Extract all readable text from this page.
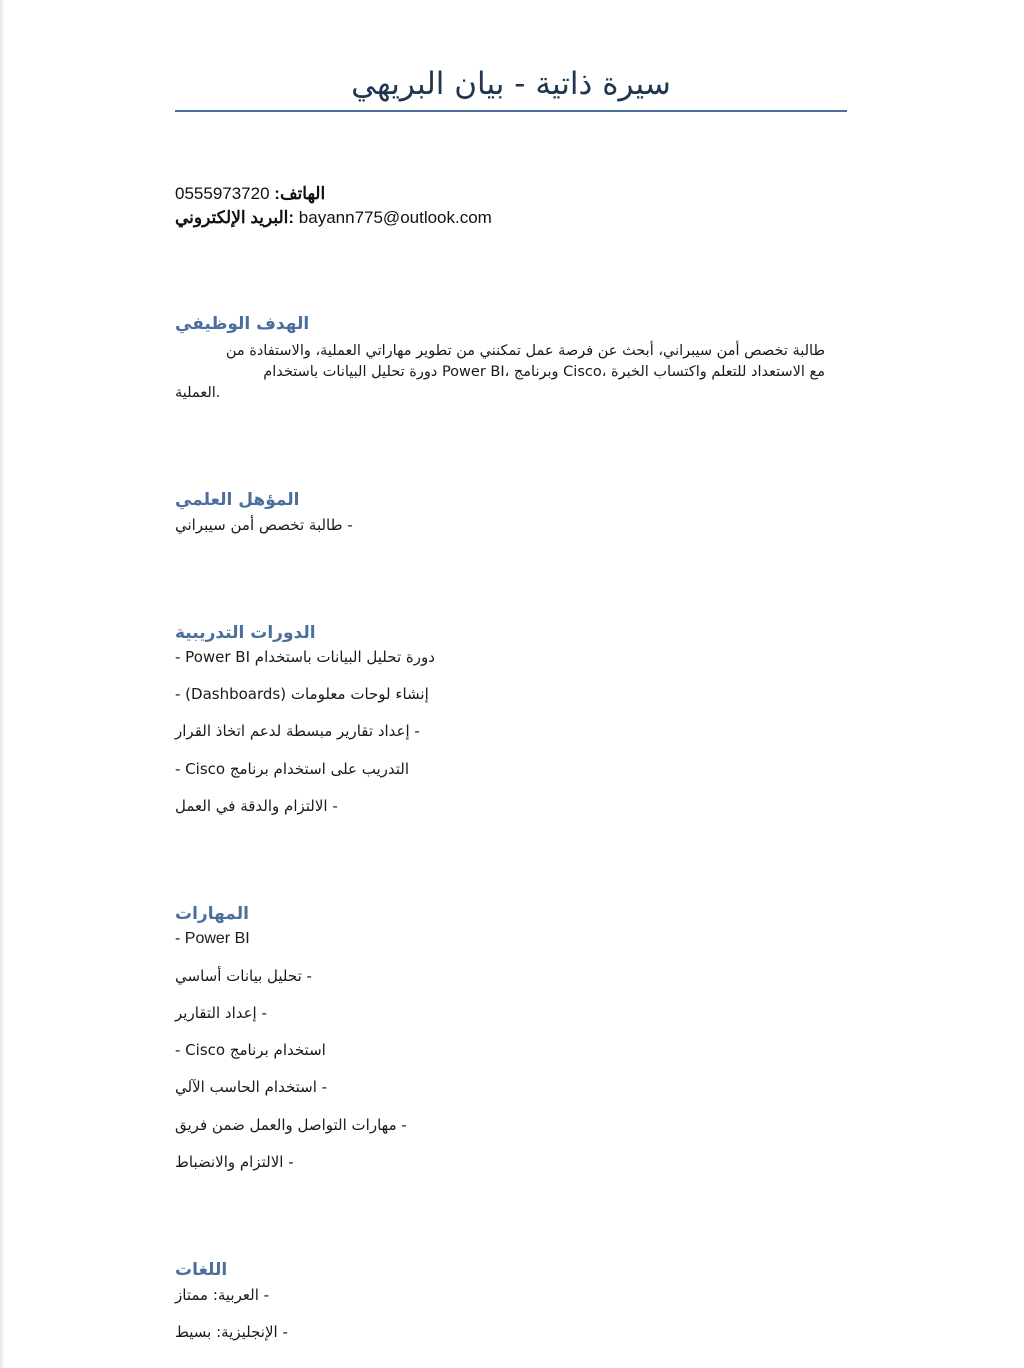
سيرة ذاتية - بيان البريهي
0555973720 الهاتف:
:البريد الإلكتروني bayann775@outlook.com
الهدف الوظيفي

طالبة تخصص أمن سيبراني، أبحث عن فرصة عمل تمكنني من تطوير مهاراتي العملية، والاستفادة من

مع الاستعداد للتعلم واكتساب الخبرة ،Cisco وبرنامج ،Power BI دورة تحليل البيانات باستخدام

.العملية

المؤهل العلمي
- طالبة تخصص أمن سيبراني
الدورات التدريبية
- Power BI دورة تحليل البيانات باستخدام
- (Dashboards) إنشاء لوحات معلومات
- إعداد تقارير مبسطة لدعم اتخاذ القرار
- Cisco التدريب على استخدام برنامج
- الالتزام والدقة في العمل
المهارات
- Power BI
- تحليل بيانات أساسي
- إعداد التقارير
- Cisco استخدام برنامج
- استخدام الحاسب الآلي
- مهارات التواصل والعمل ضمن فريق
- الالتزام والانضباط
اللغات
- العربية: ممتاز
- الإنجليزية: بسيط
